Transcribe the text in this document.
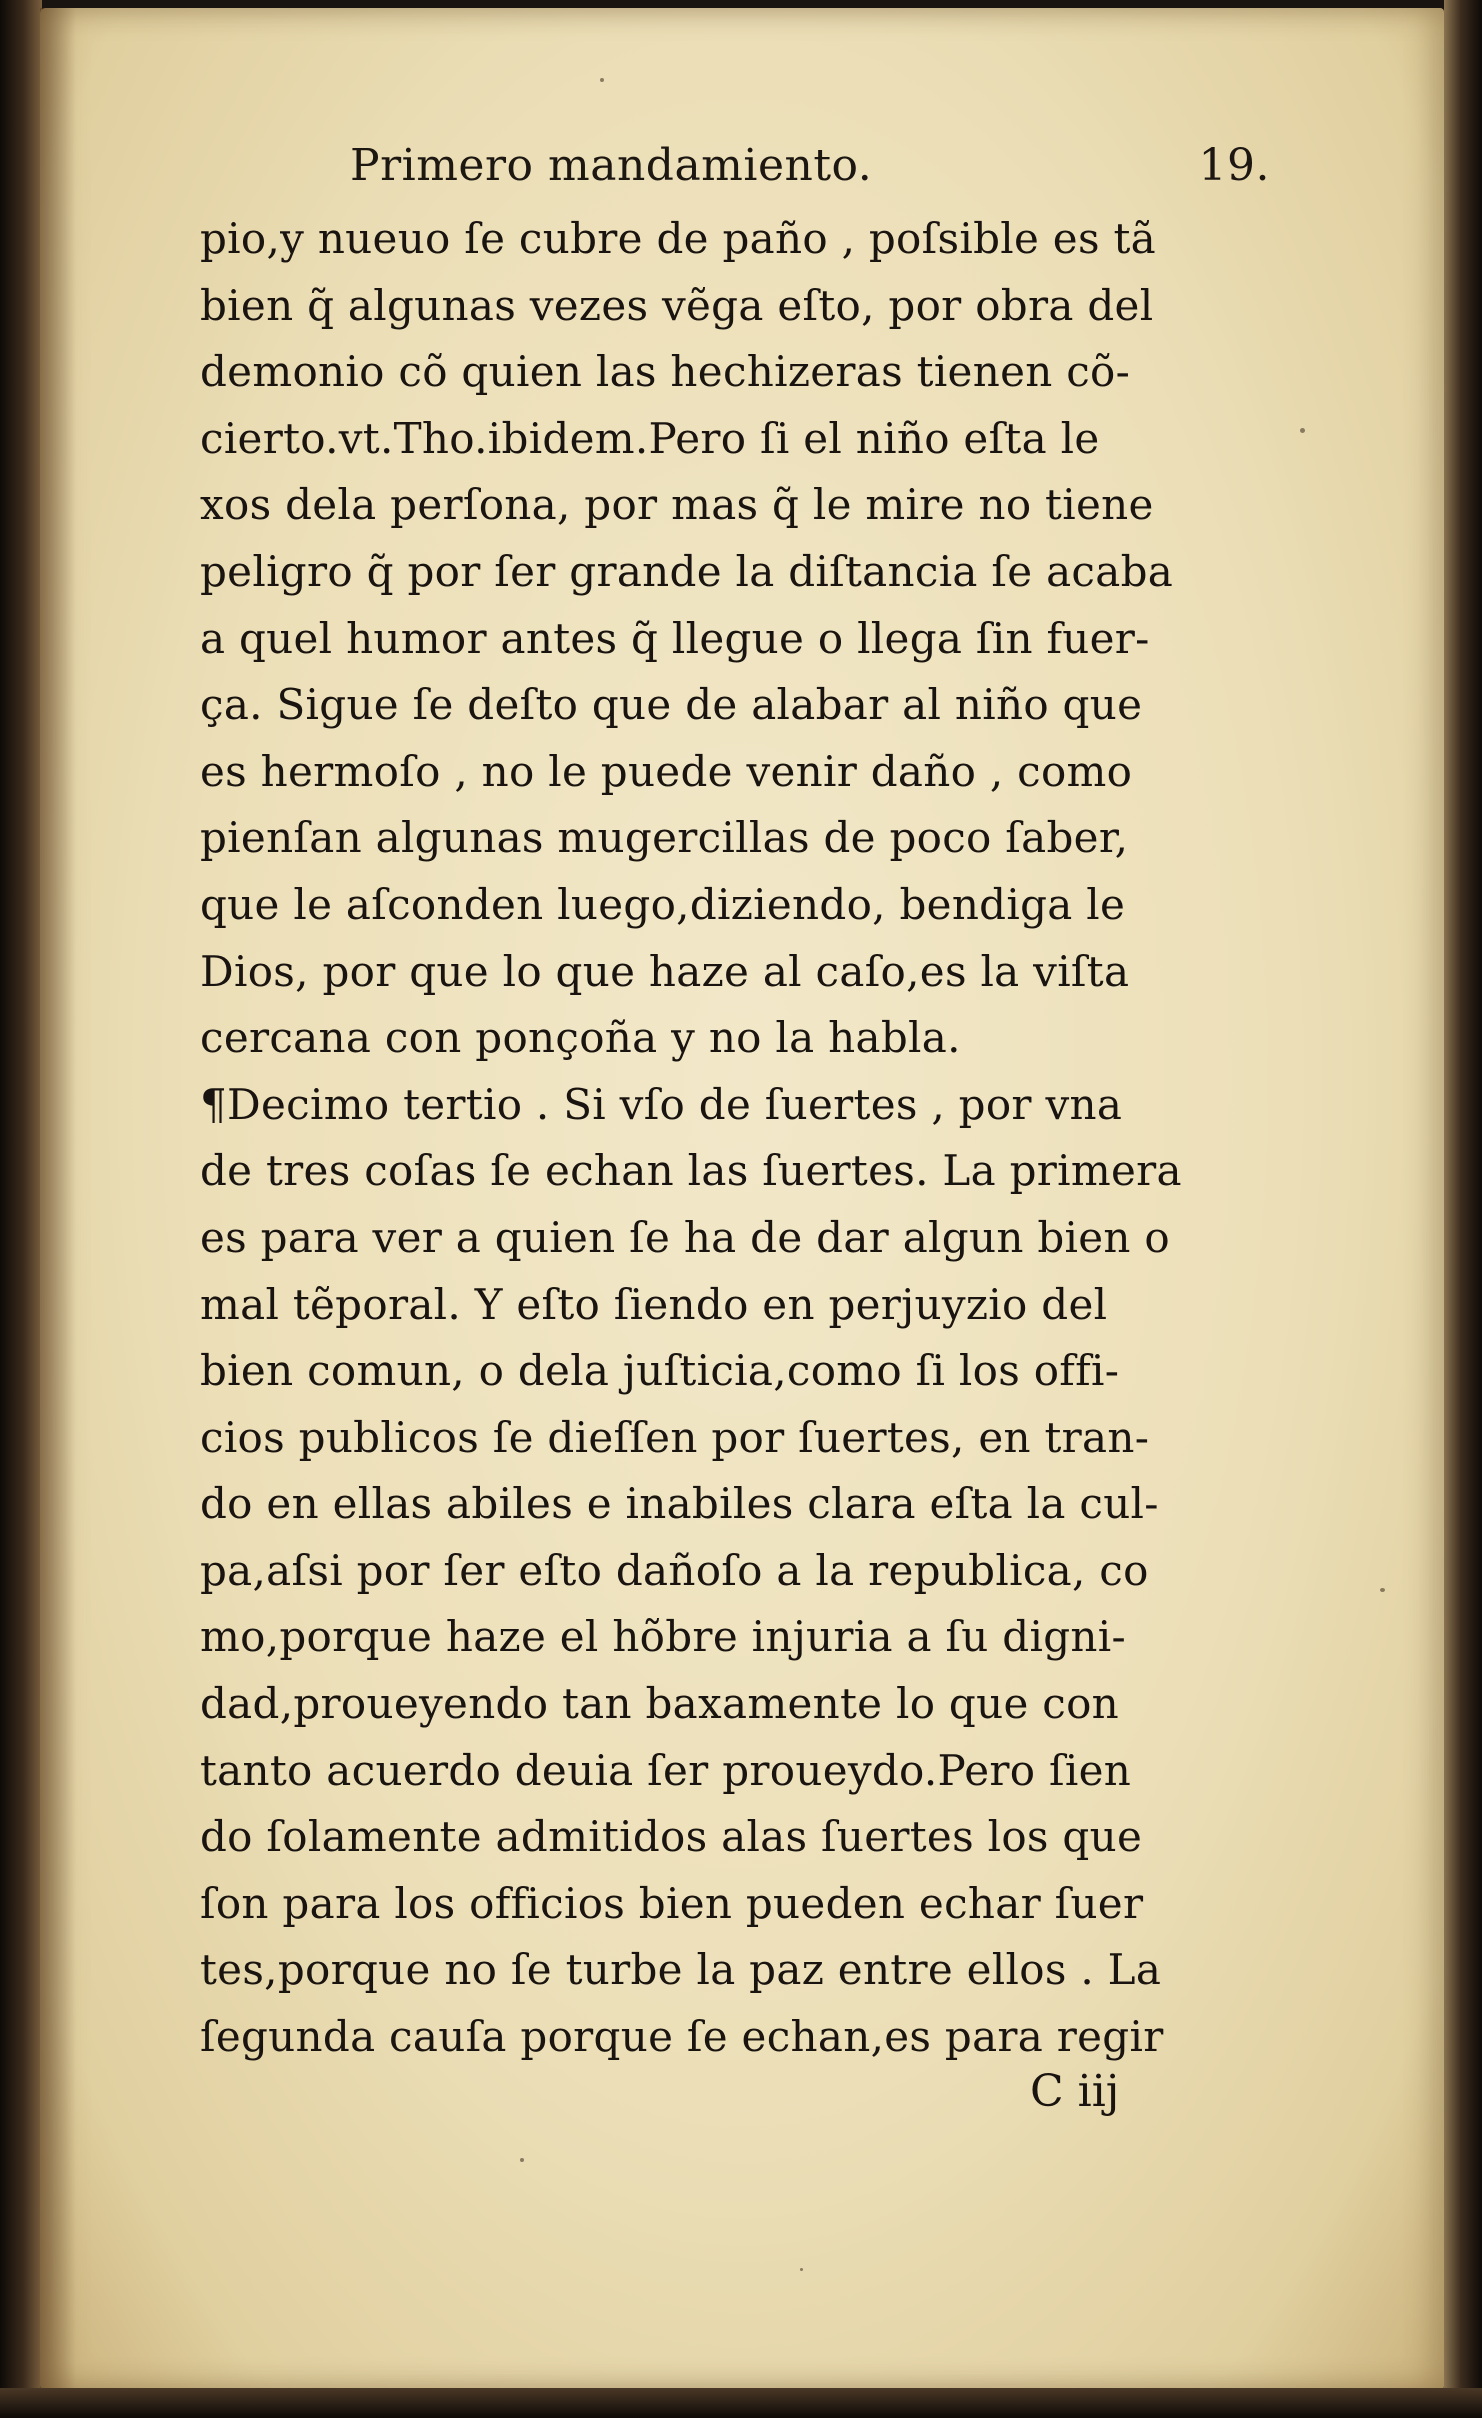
Primero mandamiento.	19.
pio,y nueuo ſe cubre de paño , poſsible es tã
bien q̃ algunas vezes vẽga eſto, por obra del
demonio cõ quien las hechizeras tienen cõ-
cierto.vt.Tho.ibidem.Pero ſi el niño eſta le
xos dela perſona, por mas q̃ le mire no tiene
peligro q̃ por ſer grande la diſtancia ſe acaba
a quel humor antes q̃ llegue o llega ſin fuer-
ça. Sigue ſe deſto que de alabar al niño que
es hermoſo , no le puede venir daño , como
pienſan algunas mugercillas de poco ſaber,
que le aſconden luego,diziendo, bendiga le
Dios, por que lo que haze al caſo,es la viſta
cercana con ponçoña y no la habla.
¶Decimo tertio . Si vſo de ſuertes , por vna
de tres coſas ſe echan las ſuertes. La primera
es para ver a quien ſe ha de dar algun bien o
mal tẽporal. Y eſto ſiendo en perjuyzio del
bien comun, o dela juſticia,como ſi los offi-
cios publicos ſe dieſſen por ſuertes, en tran-
do en ellas abiles e inabiles clara eſta la cul-
pa,aſsi por ſer eſto dañoſo a la republica, co
mo,porque haze el hõbre injuria a ſu digni-
dad,proueyendo tan baxamente lo que con
tanto acuerdo deuia ſer proueydo.Pero ſien
do ſolamente admitidos alas ſuertes los que
ſon para los officios bien pueden echar ſuer
tes,porque no ſe turbe la paz entre ellos . La
ſegunda cauſa porque ſe echan,es para regir
C iij
